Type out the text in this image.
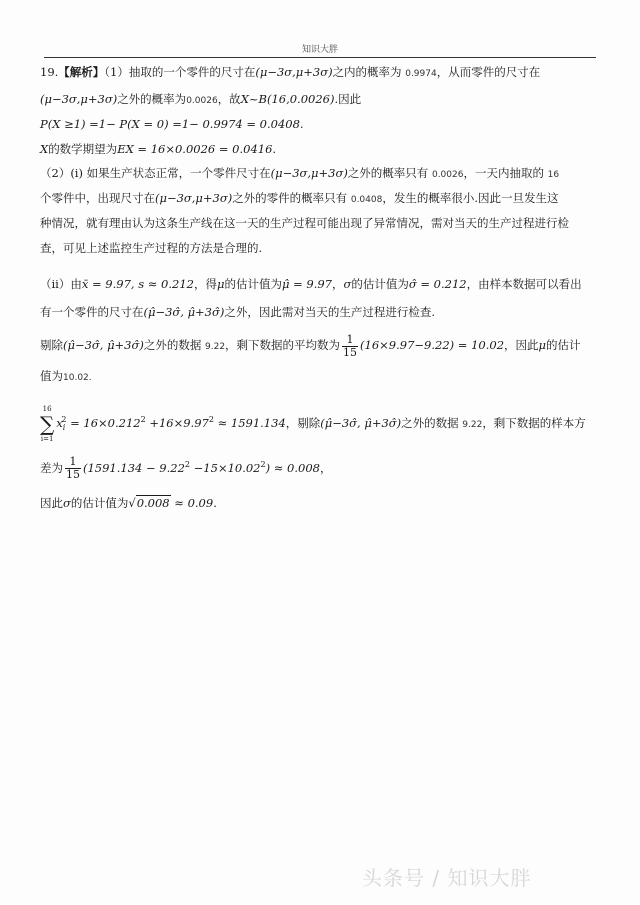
知识大胖
19.【解析】（1）抽取的一个零件的尺寸在(μ−3σ,μ+3σ)之内的概率为 0.9974，从而零件的尺寸在
(μ−3σ,μ+3σ)之外的概率为0.0026，故X~B(16,0.0026).因此
P(X ≥1) =1− P(X = 0) =1− 0.9974 = 0.0408.
X的数学期望为EX = 16×0.0026 = 0.0416.
（2）(i) 如果生产状态正常，一个零件尺寸在(μ−3σ,μ+3σ)之外的概率只有 0.0026，一天内抽取的 16
个零件中，出现尺寸在(μ−3σ,μ+3σ)之外的零件的概率只有 0.0408，发生的概率很小.因此一旦发生这
种情况，就有理由认为这条生产线在这一天的生产过程可能出现了异常情况，需对当天的生产过程进行检
查，可见上述监控生产过程的方法是合理的.
（ii）由x̄ = 9.97, s ≈ 0.212，得μ的估计值为μ̂ = 9.97，σ的估计值为σ̂ = 0.212，由样本数据可以看出
有一个零件的尺寸在(μ̂−3σ̂, μ̂+3σ̂)之外，因此需对当天的生产过程进行检查.
剔除(μ̂−3σ̂, μ̂+3σ̂)之外的数据 9.22，剩下数据的平均数为 $\frac{1}{15} (16\times 9.97-9.22) = 10.02$，因此μ的估计
值为10.02.
16
∑
i=1
$x_i^2 = 16\times 0.212^2 +16\times 9.97^2 \approx 1591.134$，剔除(μ̂−3σ̂, μ̂+3σ̂)之外的数据 9.22，剩下数据的样本方
差为 $\frac{1}{15} (1591.134 - 9.22^2 -15\times 10.02^2) \approx 0.008$，
因此σ的估计值为√0.008 ≈ 0.09.
头条号 / 知识大胖
